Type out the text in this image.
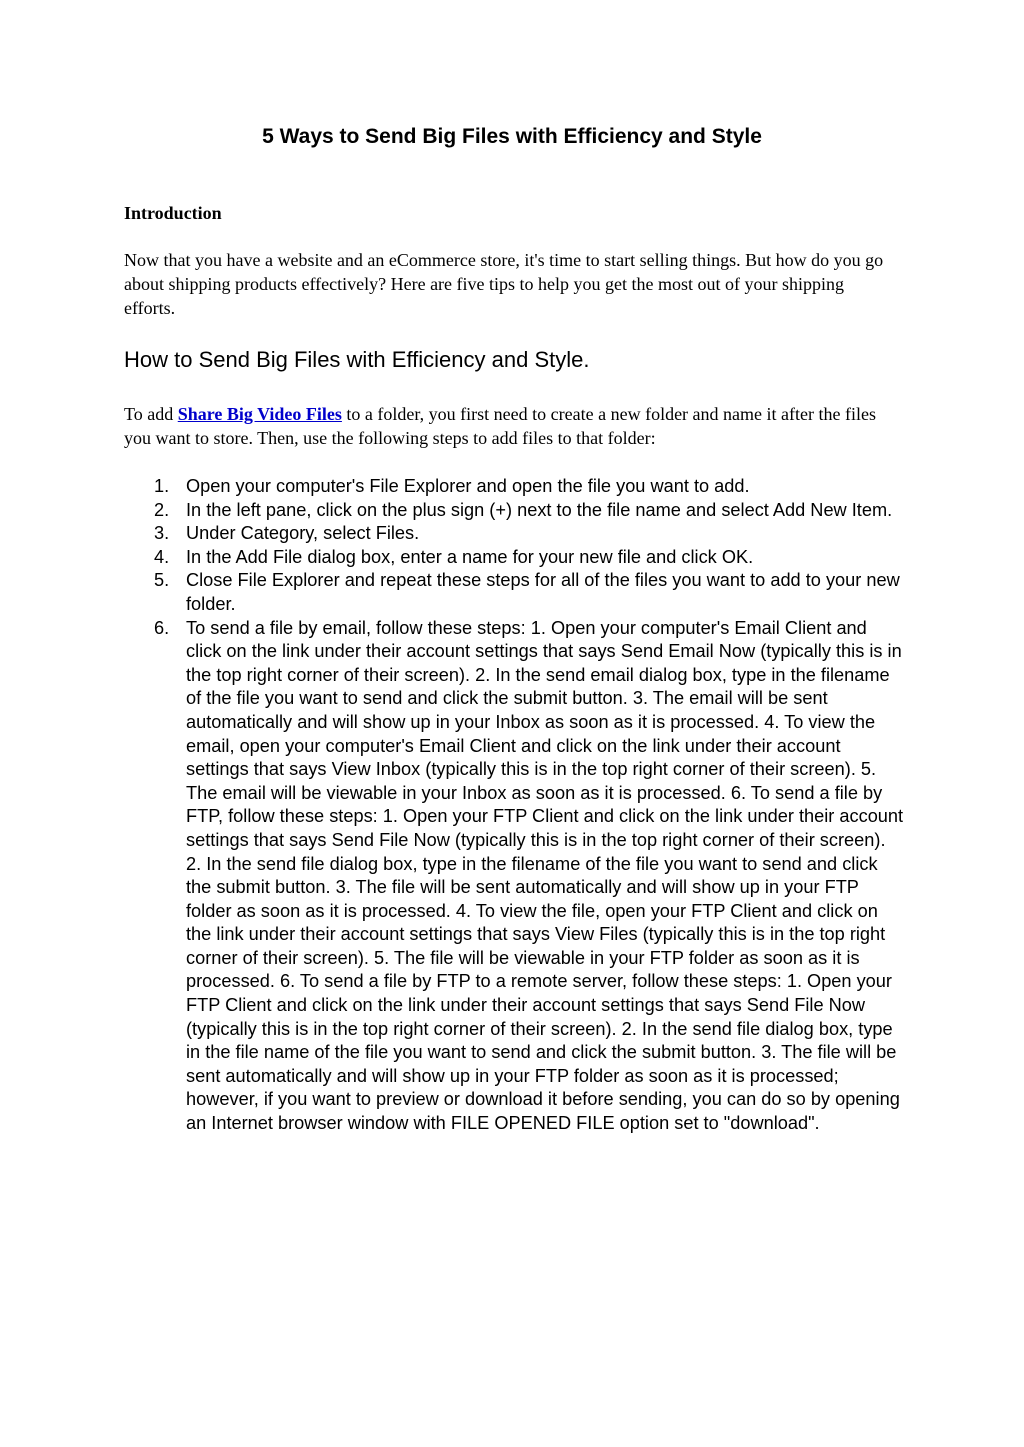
5 Ways to Send Big Files with Efficiency and Style
Introduction

Now that you have a website and an eCommerce store, it's time to start selling things. But how do you go about shipping products effectively? Here are five tips to help you get the most out of your shipping efforts.

How to Send Big Files with Efficiency and Style.

To add Share Big Video Files to a folder, you first need to create a new folder and name it after the files you want to store. Then, use the following steps to add files to that folder:

1. Open your computer's File Explorer and open the file you want to add.
2. In the left pane, click on the plus sign (+) next to the file name and select Add New Item.
3. Under Category, select Files.
4. In the Add File dialog box, enter a name for your new file and click OK.
5. Close File Explorer and repeat these steps for all of the files you want to add to your new folder.
6. To send a file by email, follow these steps: 1. Open your computer's Email Client and click on the link under their account settings that says Send Email Now (typically this is in the top right corner of their screen). 2. In the send email dialog box, type in the filename of the file you want to send and click the submit button. 3. The email will be sent automatically and will show up in your Inbox as soon as it is processed. 4. To view the email, open your computer's Email Client and click on the link under their account settings that says View Inbox (typically this is in the top right corner of their screen). 5. The email will be viewable in your Inbox as soon as it is processed. 6. To send a file by FTP, follow these steps: 1. Open your FTP Client and click on the link under their account settings that says Send File Now (typically this is in the top right corner of their screen). 2. In the send file dialog box, type in the filename of the file you want to send and click the submit button. 3. The file will be sent automatically and will show up in your FTP folder as soon as it is processed. 4. To view the file, open your FTP Client and click on the link under their account settings that says View Files (typically this is in the top right corner of their screen). 5. The file will be viewable in your FTP folder as soon as it is processed. 6. To send a file by FTP to a remote server, follow these steps: 1. Open your FTP Client and click on the link under their account settings that says Send File Now (typically this is in the top right corner of their screen). 2. In the send file dialog box, type in the file name of the file you want to send and click the submit button. 3. The file will be sent automatically and will show up in your FTP folder as soon as it is processed; however, if you want to preview or download it before sending, you can do so by opening an Internet browser window with FILE OPENED FILE option set to "download".
